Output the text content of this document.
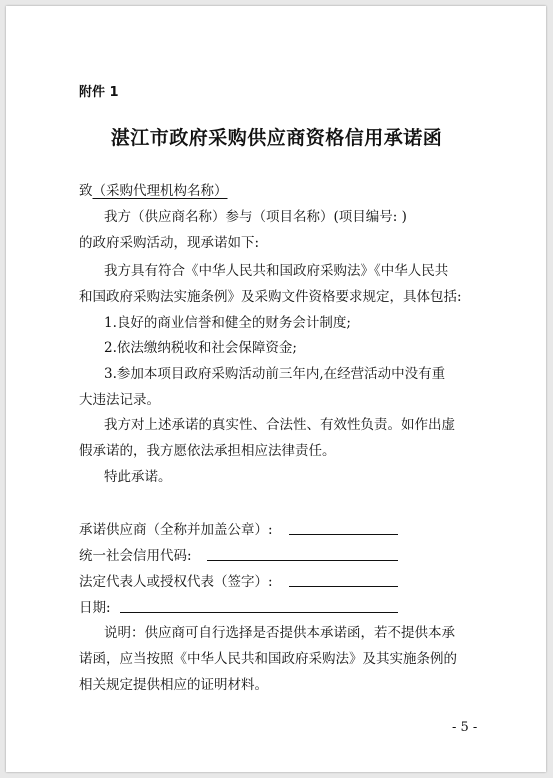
附件 1
湛江市政府采购供应商资格信用承诺函
致（采购代理机构名称）
我方（供应商名称）参与（项目名称）(项目编号: )
的政府采购活动，现承诺如下:
我方具有符合《中华人民共和国政府采购法》《中华人民共
和国政府采购法实施条例》及采购文件资格要求规定，具体包括:
1.良好的商业信誉和健全的财务会计制度;
2.依法缴纳税收和社会保障资金;
3.参加本项目政府采购活动前三年内,在经营活动中没有重
大违法记录。
我方对上述承诺的真实性、合法性、有效性负责。如作出虚
假承诺的，我方愿依法承担相应法律责任。
特此承诺。
承诺供应商（全称并加盖公章）:
统一社会信用代码:
法定代表人或授权代表（签字）:
日期:
说明：供应商可自行选择是否提供本承诺函，若不提供本承
诺函，应当按照《中华人民共和国政府采购法》及其实施条例的
相关规定提供相应的证明材料。
- 5 -
